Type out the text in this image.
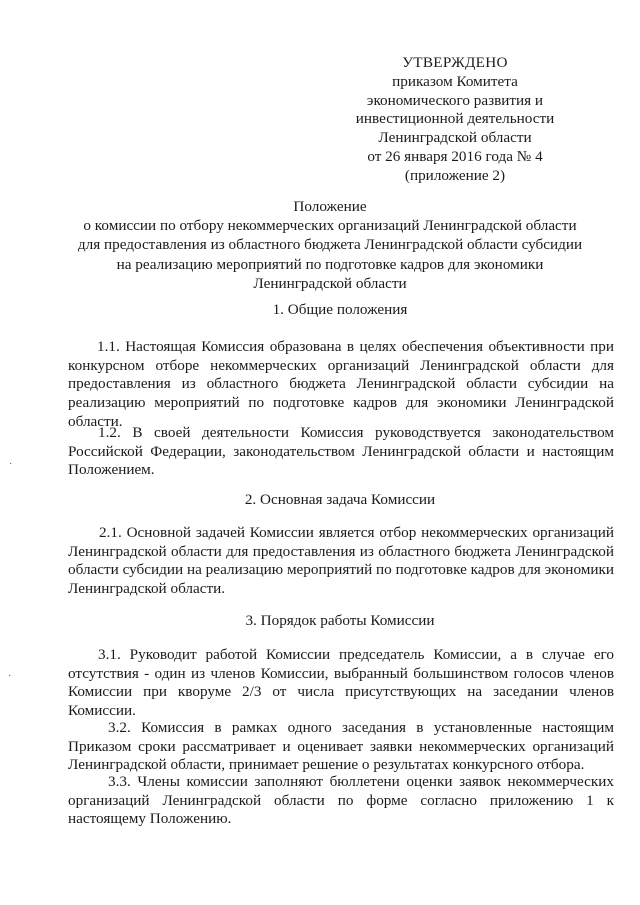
УТВЕРЖДЕНО
приказом Комитета
экономического развития и
инвестиционной деятельности
Ленинградской области
от 26 января 2016 года № 4
(приложение 2)
Положение
о комиссии по отбору некоммерческих организаций Ленинградской области
для предоставления из областного бюджета Ленинградской области субсидии
на реализацию мероприятий по подготовке кадров для экономики
Ленинградской области
1. Общие положения
1.1. Настоящая Комиссия образована в целях обеспечения объективности при
конкурсном отборе некоммерческих организаций Ленинградской области для
предоставления из областного бюджета Ленинградской области субсидии на
реализацию мероприятий по подготовке кадров для экономики Ленинградской
области.
1.2. В своей деятельности Комиссия руководствуется законодательством
Российской Федерации, законодательством Ленинградской области и настоящим
Положением.
2. Основная задача Комиссии
2.1. Основной задачей Комиссии является отбор некоммерческих организаций
Ленинградской области для предоставления из областного бюджета Ленинградской
области субсидии на реализацию мероприятий по подготовке кадров для экономики
Ленинградской области.
3. Порядок работы Комиссии
3.1. Руководит работой Комиссии председатель Комиссии, а в случае его
отсутствия - один из членов Комиссии, выбранный большинством голосов членов
Комиссии при кворуме 2/3 от числа присутствующих на заседании членов
Комиссии.
3.2. Комиссия в рамках одного заседания в установленные настоящим
Приказом сроки рассматривает и оценивает заявки некоммерческих организаций
Ленинградской области, принимает решение о результатах конкурсного отбора.
3.3. Члены комиссии заполняют бюллетени оценки заявок некоммерческих
организаций Ленинградской области по форме согласно приложению 1 к
настоящему Положению.
·
·
